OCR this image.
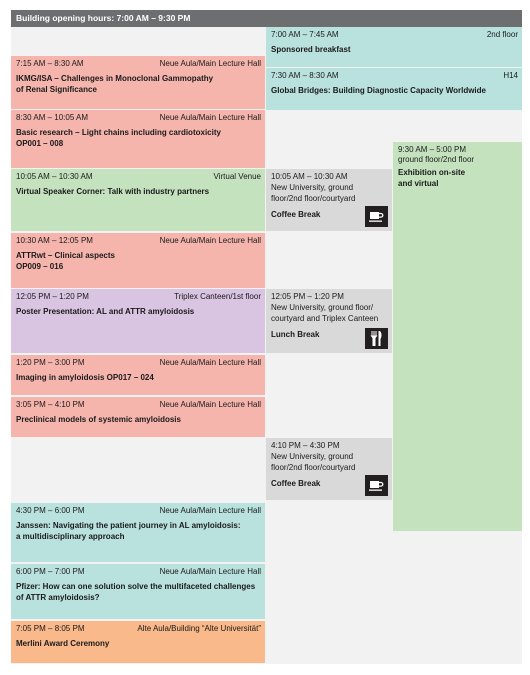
Building opening hours: 7:00 AM – 9:30 PM
7:00 AM – 7:45 AM	2nd floor
Sponsored breakfast
7:15 AM – 8:30 AM	Neue Aula/Main Lecture Hall
IKMG/ISA – Challenges in Monoclonal Gammopathy
of Renal Significance
7:30 AM – 8:30 AM	H14
Global Bridges: Building Diagnostic Capacity Worldwide
8:30 AM – 10:05 AM	Neue Aula/Main Lecture Hall
Basic research – Light chains including cardiotoxicity
OP001 – 008
9:30 AM – 5:00 PM
ground floor/2nd floor
Exhibition on-site
and virtual
10:05 AM – 10:30 AM	Virtual Venue
Virtual Speaker Corner: Talk with industry partners
10:05 AM – 10:30 AM
New University, ground
floor/2nd floor/courtyard
Coffee Break
10:30 AM – 12:05 PM	Neue Aula/Main Lecture Hall
ATTRwt – Clinical aspects
OP009 – 016
12:05 PM – 1:20 PM	Triplex Canteen/1st floor
Poster Presentation: AL and ATTR amyloidosis
12:05 PM – 1:20 PM
New University, ground floor/
courtyard and Triplex Canteen
Lunch Break
1:20 PM – 3:00 PM	Neue Aula/Main Lecture Hall
Imaging in amyloidosis OP017 – 024
3:05 PM – 4:10 PM	Neue Aula/Main Lecture Hall
Preclinical models of systemic amyloidosis
4:10 PM – 4:30 PM
New University, ground
floor/2nd floor/courtyard
Coffee Break
4:30 PM – 6:00 PM	Neue Aula/Main Lecture Hall
Janssen: Navigating the patient journey in AL amyloidosis:
a multidisciplinary approach
6:00 PM – 7:00 PM	Neue Aula/Main Lecture Hall
Pfizer: How can one solution solve the multifaceted challenges
of ATTR amyloidosis?
7:05 PM – 8:05 PM	Alte Aula/Building “Alte Universität”
Merlini Award Ceremony
